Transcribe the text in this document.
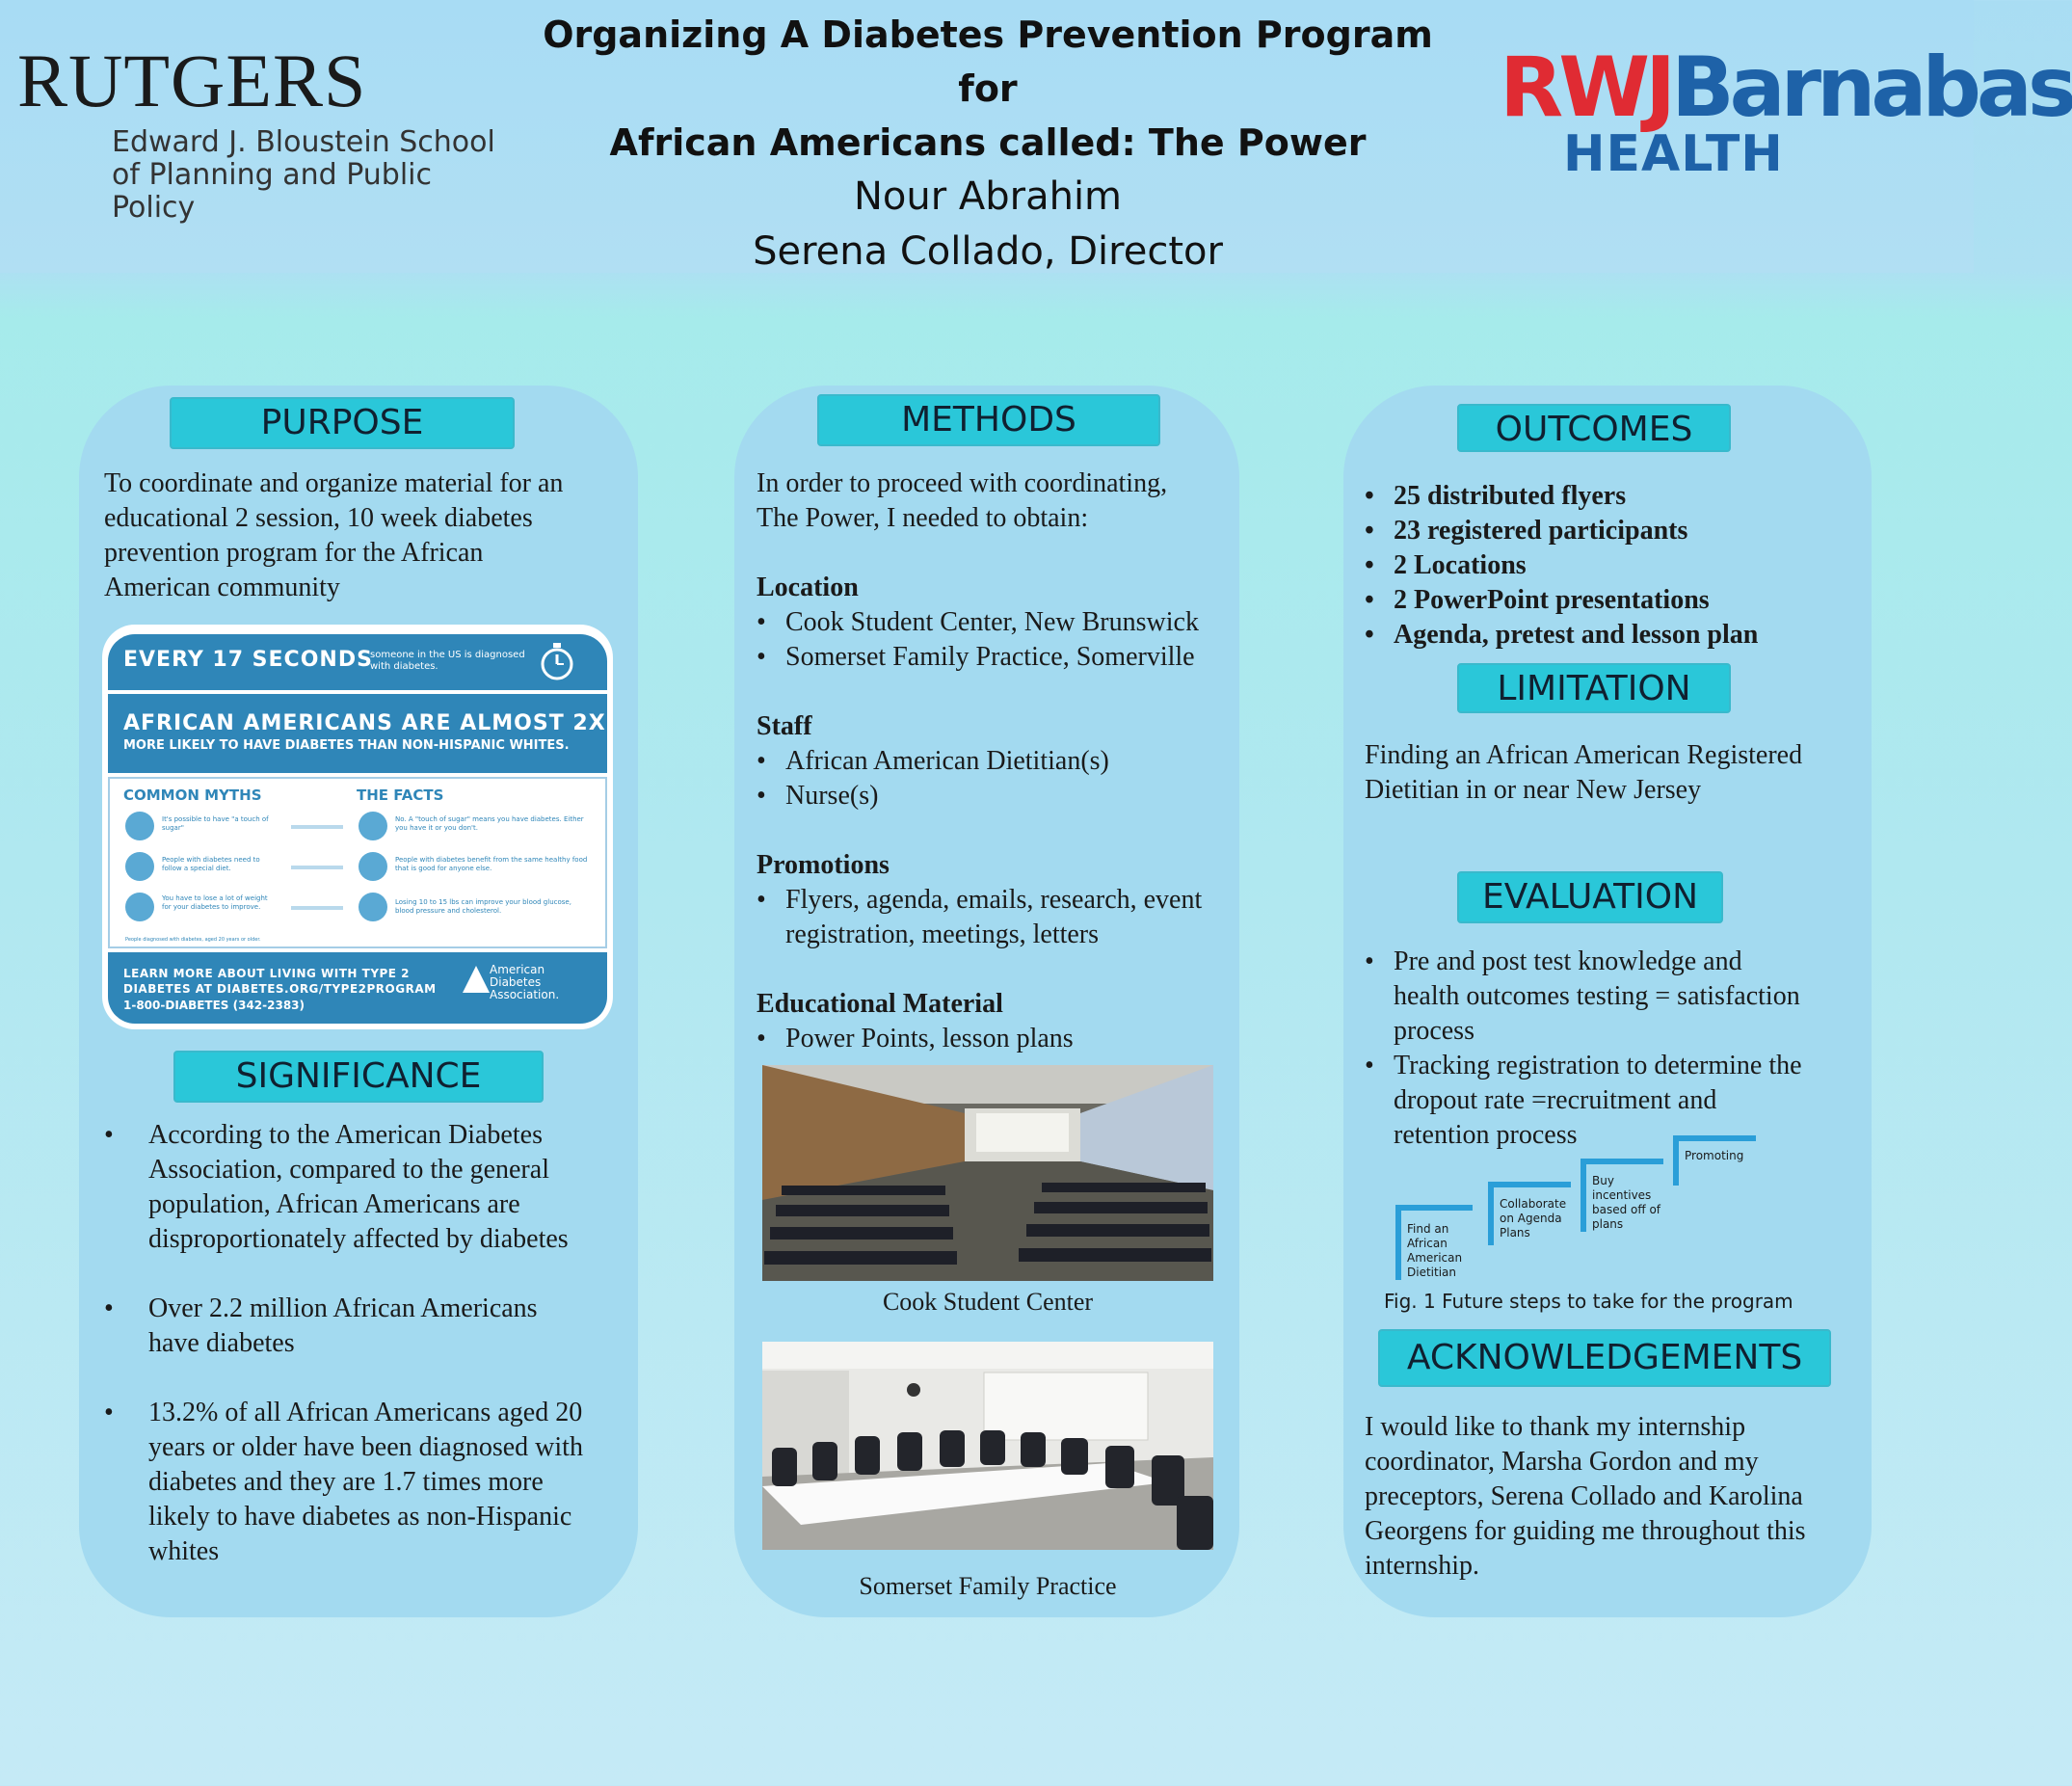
RUTGERS
Edward J. Bloustein School
of Planning and Public Policy
Organizing A Diabetes Prevention Program for
African Americans called: The Power
Nour Abrahim
Serena Collado, Director
RWJBarnabas
HEALTH
PURPOSE
To coordinate and organize material for an
educational 2 session, 10 week diabetes
prevention program for the African
American community
EVERY 17 SECONDS
someone in the US is diagnosed with diabetes.
AFRICAN AMERICANS ARE ALMOST 2X
MORE LIKELY TO HAVE DIABETES THAN NON-HISPANIC WHITES.
COMMON MYTHS	THE FACTS
It's possible to have "a touch of sugar"
No. A "touch of sugar" means you have diabetes. Either you have it or you don't.
People with diabetes need to follow a special diet.
People with diabetes benefit from the same healthy food that is good for anyone else.
You have to lose a lot of weight for your diabetes to improve.
Losing 10 to 15 lbs can improve your blood glucose, blood pressure and cholesterol.
People diagnosed with diabetes, aged 20 years or older.
LEARN MORE ABOUT LIVING WITH TYPE 2
DIABETES AT DIABETES.ORG/TYPE2PROGRAM
1-800-DIABETES (342-2383)
American
Diabetes
Association.
SIGNIFICANCE
• According to the American Diabetes
Association, compared to the general
population, African Americans are
disproportionately affected by diabetes
• Over 2.2 million African Americans
have diabetes
• 13.2% of all African Americans aged 20
years or older have been diagnosed with
diabetes and they are 1.7 times more
likely to have diabetes as non-Hispanic
whites
METHODS
In order to proceed with coordinating,
The Power, I needed to obtain:
Location
• Cook Student Center, New Brunswick
• Somerset Family Practice, Somerville
Staff
• African American Dietitian(s)
• Nurse(s)
Promotions
• Flyers, agenda, emails, research, event
registration, meetings, letters
Educational Material
• Power Points, lesson plans
Cook Student Center
Somerset Family Practice
OUTCOMES
• 25 distributed flyers
• 23 registered participants
• 2 Locations
• 2 PowerPoint presentations
• Agenda, pretest and lesson plan
LIMITATION
Finding an African American Registered
Dietitian in or near New Jersey
EVALUATION
• Pre and post test knowledge and
health outcomes testing = satisfaction
process
• Tracking registration to determine the
dropout rate =recruitment and
retention process
Find an
African
American
Dietitian
Collaborate
on Agenda
Plans
Buy
incentives
based off of
plans
Promoting
Fig. 1 Future steps to take for the program
ACKNOWLEDGEMENTS
I would like to thank my internship
coordinator, Marsha Gordon and my
preceptors, Serena Collado and Karolina
Georgens for guiding me throughout this
internship.
